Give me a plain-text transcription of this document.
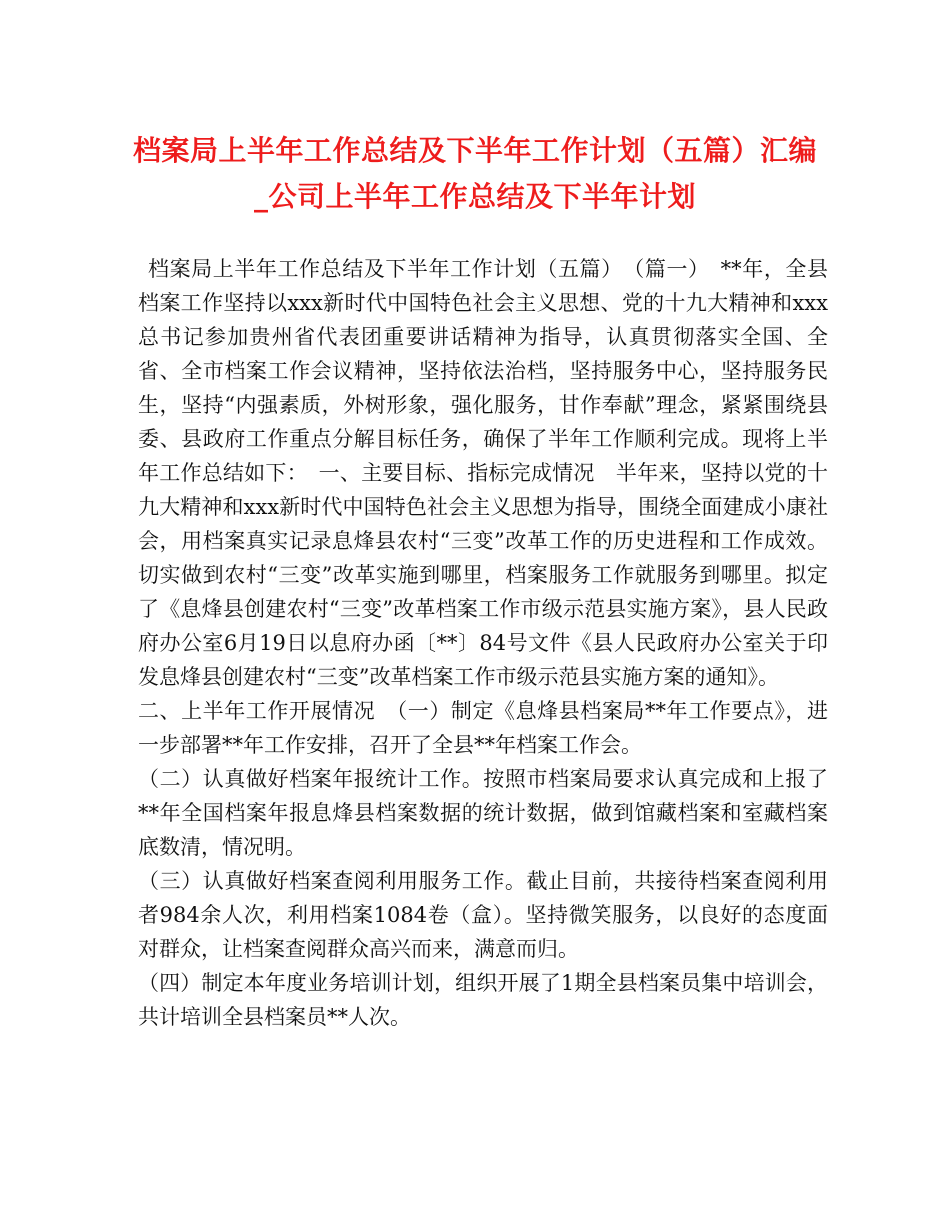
档案局上半年工作总结及下半年工作计划（五篇）汇编
_公司上半年工作总结及下半年计划

档案局上半年工作总结及下半年工作计划（五篇）　（篇一）　**年，全县档案工作坚持以xxx新时代中国特色社会主义思想、党的十九大精神和xxx总书记参加贵州省代表团重要讲话精神为指导，认真贯彻落实全国、全省、全市档案工作会议精神，坚持依法治档，坚持服务中心，坚持服务民生，坚持“内强素质，外树形象，强化服务，甘作奉献”理念，紧紧围绕县委、县政府工作重点分解目标任务，确保了半年工作顺利完成。现将上半年工作总结如下：　一、主要目标、指标完成情况　半年来，坚持以党的十九大精神和xxx新时代中国特色社会主义思想为指导，围绕全面建成小康社会，用档案真实记录息烽县农村“三变”改革工作的历史进程和工作成效。切实做到农村“三变”改革实施到哪里，档案服务工作就服务到哪里。拟定了《息烽县创建农村“三变”改革档案工作市级示范县实施方案》，县人民政府办公室6月19日以息府办函〔**〕84号文件《县人民政府办公室关于印发息烽县创建农村“三变”改革档案工作市级示范县实施方案的通知》。

二、上半年工作开展情况　（一）制定《息烽县档案局**年工作要点》，进一步部署**年工作安排，召开了全县**年档案工作会。

（二）认真做好档案年报统计工作。按照市档案局要求认真完成和上报了**年全国档案年报息烽县档案数据的统计数据，做到馆藏档案和室藏档案底数清，情况明。

（三）认真做好档案查阅利用服务工作。截止目前，共接待档案查阅利用者984余人次，利用档案1084卷（盒）。坚持微笑服务，以良好的态度面对群众，让档案查阅群众高兴而来，满意而归。

（四）制定本年度业务培训计划，组织开展了1期全县档案员集中培训会，共计培训全县档案员**人次。
